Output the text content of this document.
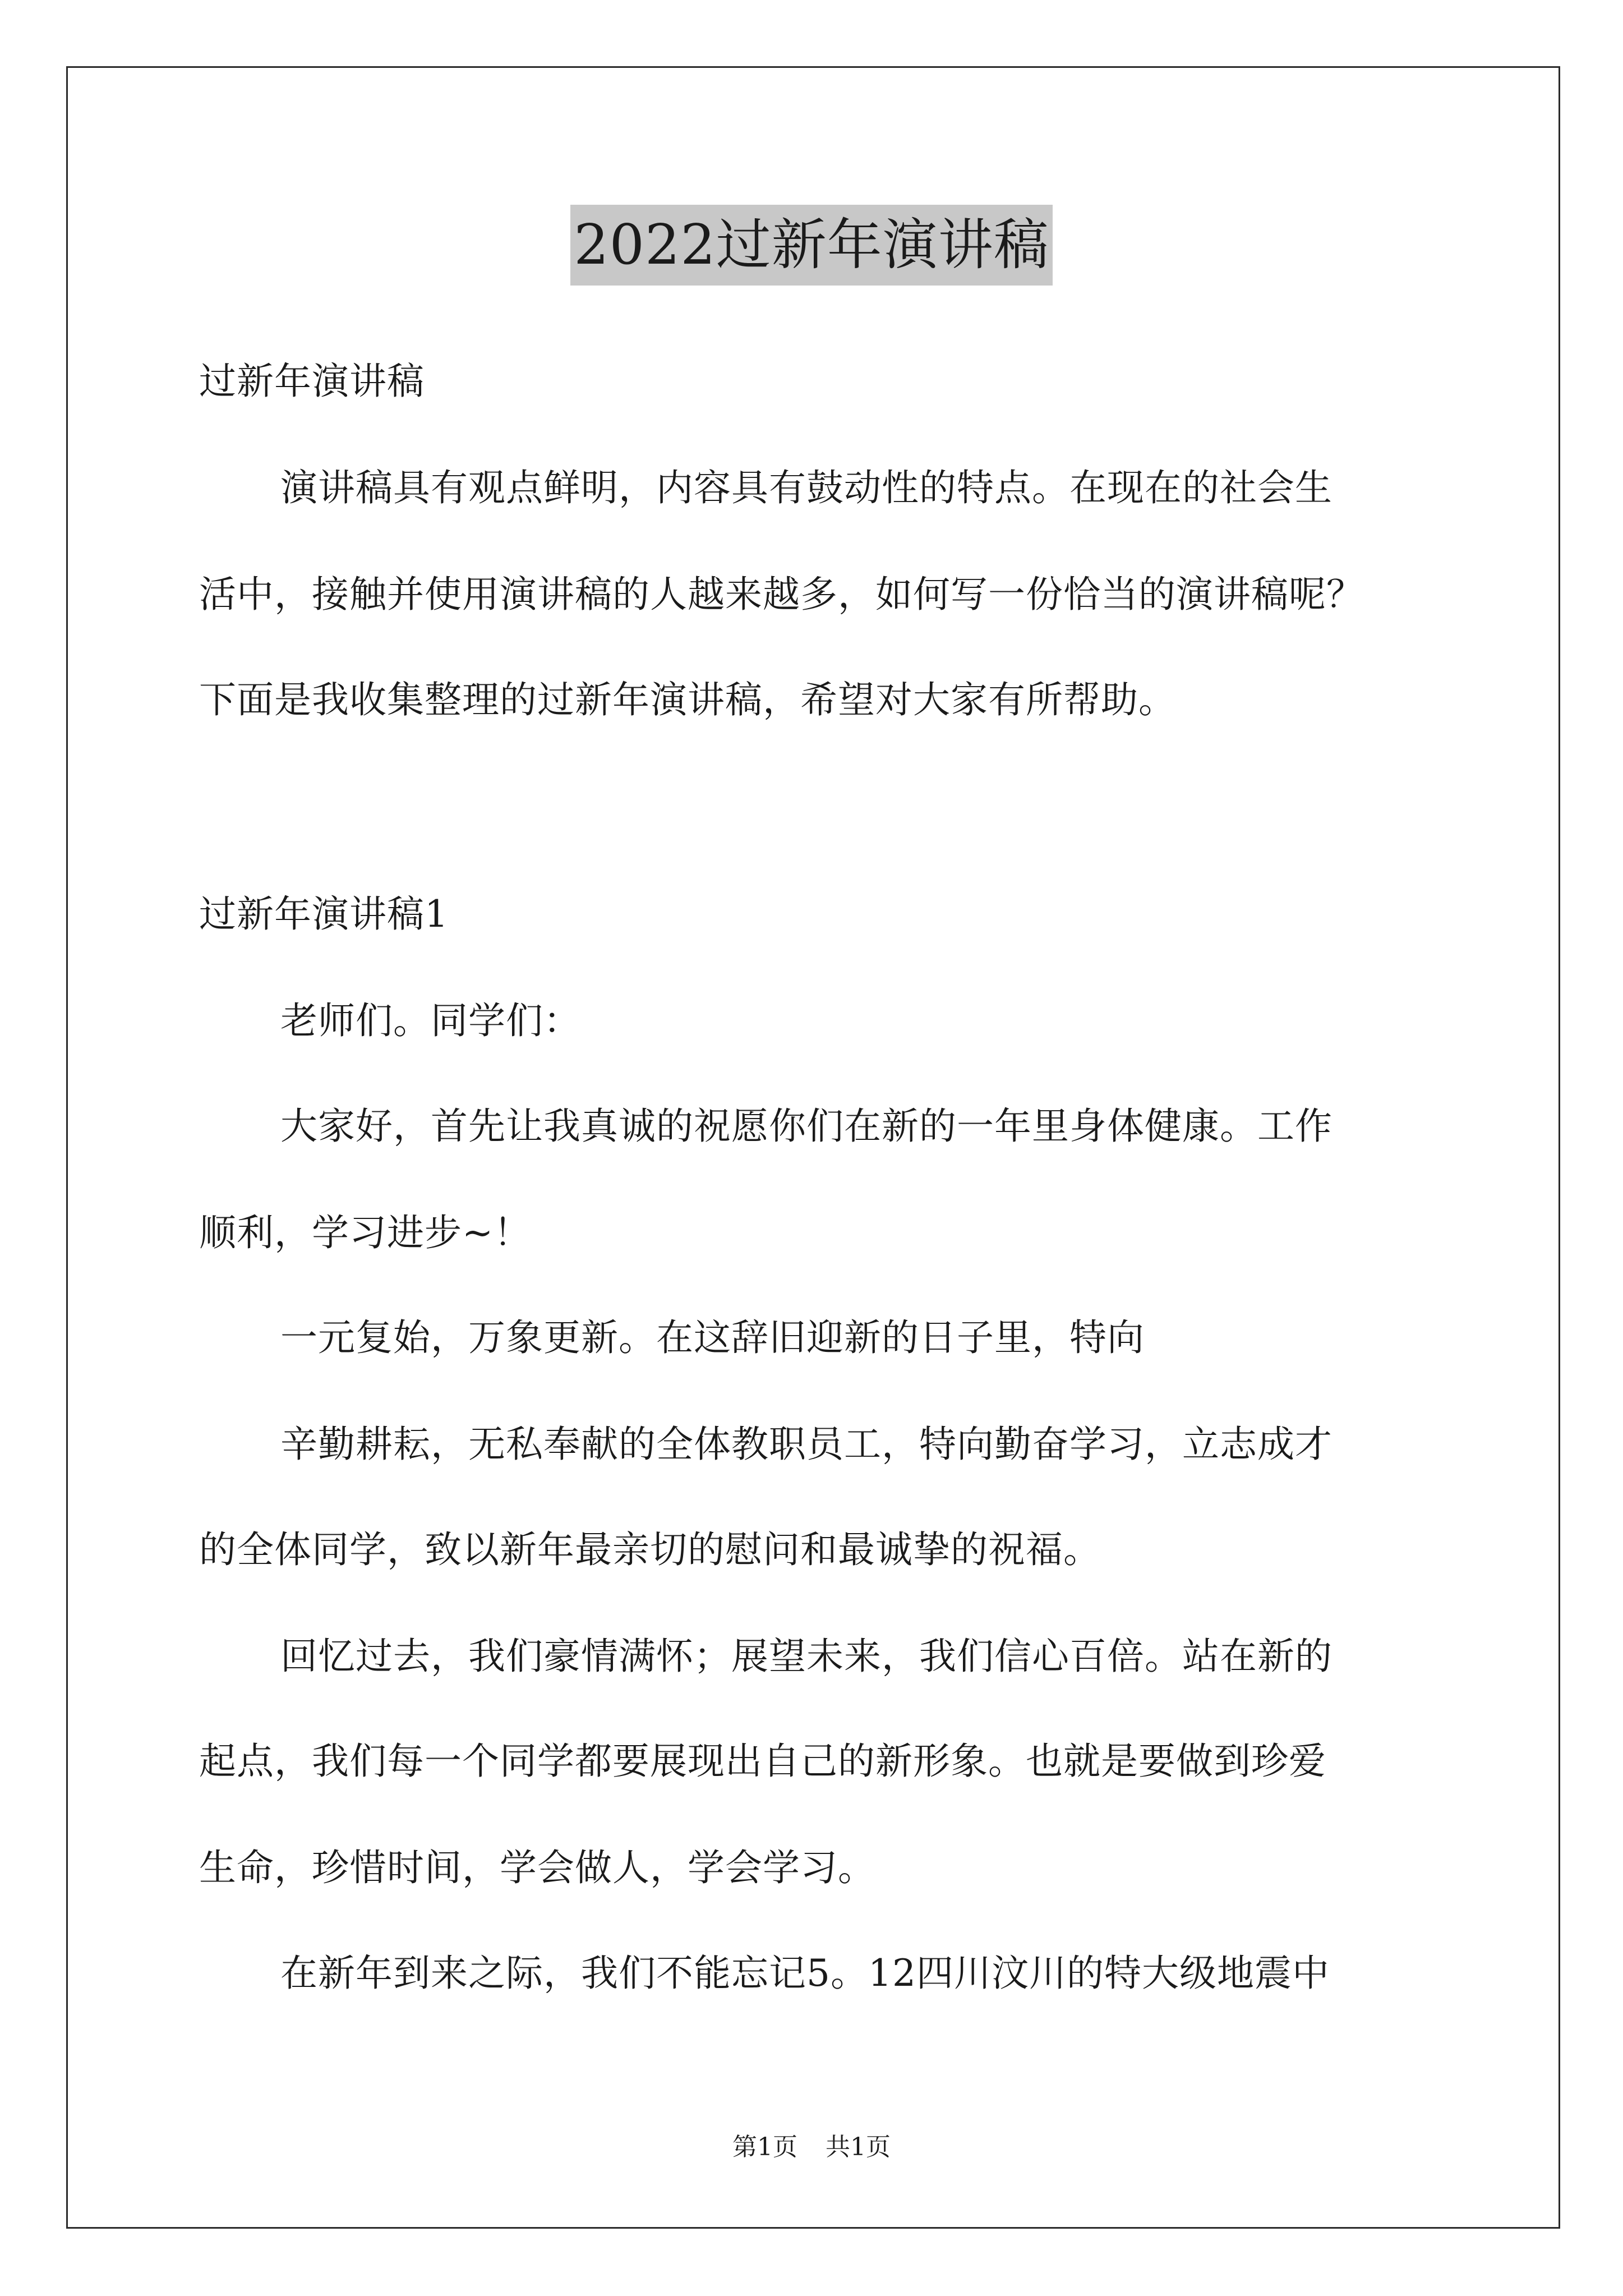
2022过新年演讲稿
过新年演讲稿
演讲稿具有观点鲜明，内容具有鼓动性的特点。在现在的社会生
活中，接触并使用演讲稿的人越来越多，如何写一份恰当的演讲稿呢？
下面是我收集整理的过新年演讲稿，希望对大家有所帮助。
过新年演讲稿1
老师们。同学们：
大家好，首先让我真诚的祝愿你们在新的一年里身体健康。工作
顺利，学习进步~！
一元复始，万象更新。在这辞旧迎新的日子里，特向
辛勤耕耘，无私奉献的全体教职员工，特向勤奋学习，立志成才
的全体同学，致以新年最亲切的慰问和最诚挚的祝福。
回忆过去，我们豪情满怀；展望未来，我们信心百倍。站在新的
起点，我们每一个同学都要展现出自己的新形象。也就是要做到珍爱
生命，珍惜时间，学会做人，学会学习。
在新年到来之际，我们不能忘记5。12四川汶川的特大级地震中
第1页 共1页
